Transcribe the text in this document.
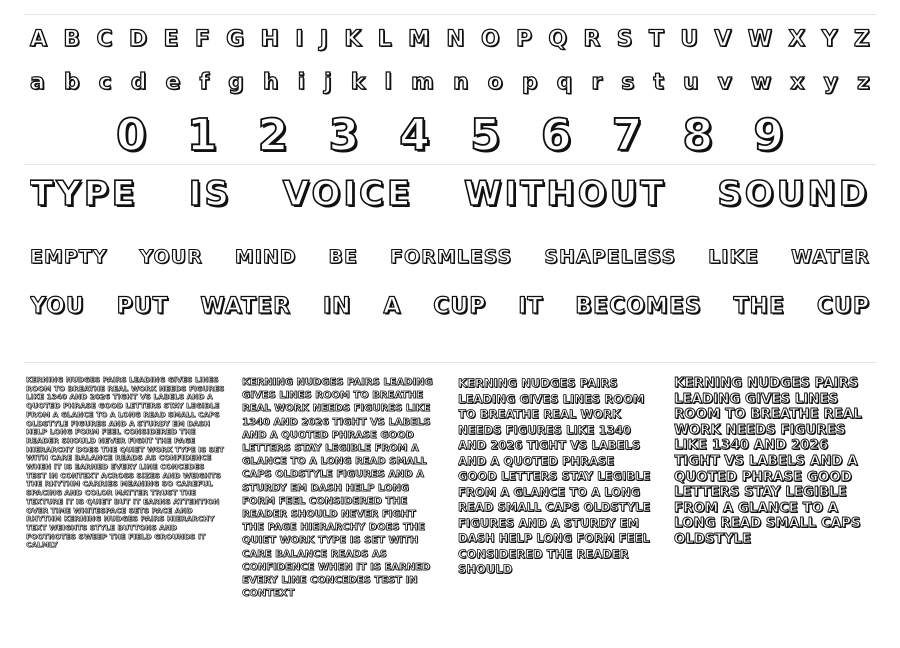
A B C D E F G H I J K L M N O P Q R S T U V W X Y Z
a b c d e f g h i j k l m n o p q r s t u v w x y z
0 1 2 3 4 5 6 7 8 9
TYPE IS VOICE WITHOUT SOUND
EMPTY YOUR MIND BE FORMLESS SHAPELESS LIKE WATER
YOU PUT WATER IN A CUP IT BECOMES THE CUP
KERNING NUDGES PAIRS LEADING GIVES LINES ROOM TO BREATHE REAL WORK NEEDS FIGURES LIKE 1340 AND 2026 TIGHT VS LABELS AND A QUOTED PHRASE GOOD LETTERS STAY LEGIBLE FROM A GLANCE TO A LONG READ SMALL CAPS OLDSTYLE FIGURES AND A STURDY EM DASH HELP LONG FORM FEEL CONSIDERED THE READER SHOULD NEVER FIGHT THE PAGE HIERARCHY DOES THE QUIET WORK TYPE IS SET WITH CARE BALANCE READS AS CONFIDENCE WHEN IT IS EARNED EVERY LINE CONCEDES TEST IN CONTEXT ACROSS SIZES AND WEIGHTS THE RHYTHM CARRIES MEANING SO CAREFUL SPACING AND COLOR MATTER TRUST THE TEXTURE IT IS QUIET BUT IT EARNS ATTENTION OVER TIME WHITESPACE SETS PACE AND RHYTHM KERNING NUDGES PAIRS HIERARCHY TEXT WEIGHTS STYLE BUTTONS AND FOOTNOTES SWEEP THE FIELD GROUNDS IT CALMLY
KERNING NUDGES PAIRS LEADING GIVES LINES ROOM TO BREATHE REAL WORK NEEDS FIGURES LIKE 1340 AND 2026 TIGHT VS LABELS AND A QUOTED PHRASE GOOD LETTERS STAY LEGIBLE FROM A GLANCE TO A LONG READ SMALL CAPS OLDSTYLE FIGURES AND A STURDY EM DASH HELP LONG FORM FEEL CONSIDERED THE READER SHOULD NEVER FIGHT THE PAGE HIERARCHY DOES THE QUIET WORK TYPE IS SET WITH CARE BALANCE READS AS CONFIDENCE WHEN IT IS EARNED EVERY LINE CONCEDES TEST IN CONTEXT
KERNING NUDGES PAIRS LEADING GIVES LINES ROOM TO BREATHE REAL WORK NEEDS FIGURES LIKE 1340 AND 2026 TIGHT VS LABELS AND A QUOTED PHRASE GOOD LETTERS STAY LEGIBLE FROM A GLANCE TO A LONG READ SMALL CAPS OLDSTYLE FIGURES AND A STURDY EM DASH HELP LONG FORM FEEL CONSIDERED THE READER SHOULD
KERNING NUDGES PAIRS LEADING GIVES LINES ROOM TO BREATHE REAL WORK NEEDS FIGURES LIKE 1340 AND 2026 TIGHT VS LABELS AND A QUOTED PHRASE GOOD LETTERS STAY LEGIBLE FROM A GLANCE TO A LONG READ SMALL CAPS OLDSTYLE
